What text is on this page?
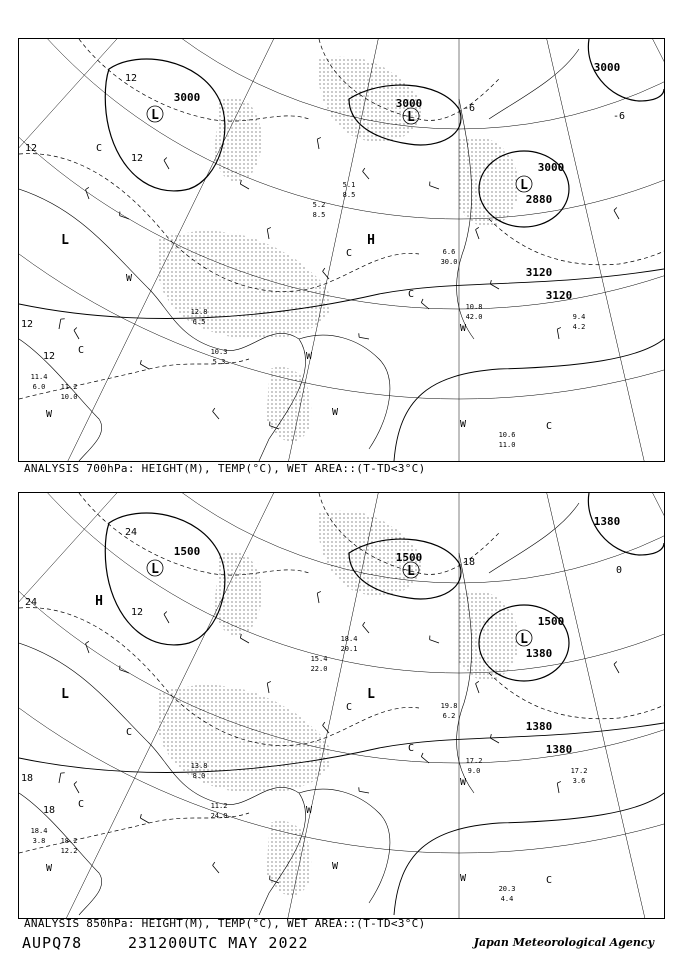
3000	3000
3000
3000
2880
3120
3120
12
12
12
12
12
-6
-6
L	L
L
L	H
C
C
C
C
C
W
W
W
W
W
W
10.8
42.0	9.4
4.2
10.6
11.0
11.4
6.0 11.2
10.0
5.1
8.5
6.6
30.0
5.2
8.5
10.3
5.3
12.8
6.5
ANALYSIS 700hPa: HEIGHT(M), TEMP(°C), WET AREA::(T-TD<3°C)
1500	1500
1500
1380
1380
1380
1380
24
24
12
18
18
18
0
L	L
L
L	L
H
C
C
C
C
C
W
W
W
W
W
17.2
9.0	17.2
3.6
20.3
4.4
18.4
3.8 18.2
12.2
18.4
20.1
19.8
6.2
15.4
22.0
11.2
24.0
13.8
8.0
ANALYSIS 850hPa: HEIGHT(M), TEMP(°C), WET AREA::(T-TD<3°C)
AUPQ78	231200UTC MAY 2022	Japan Meteorological Agency
